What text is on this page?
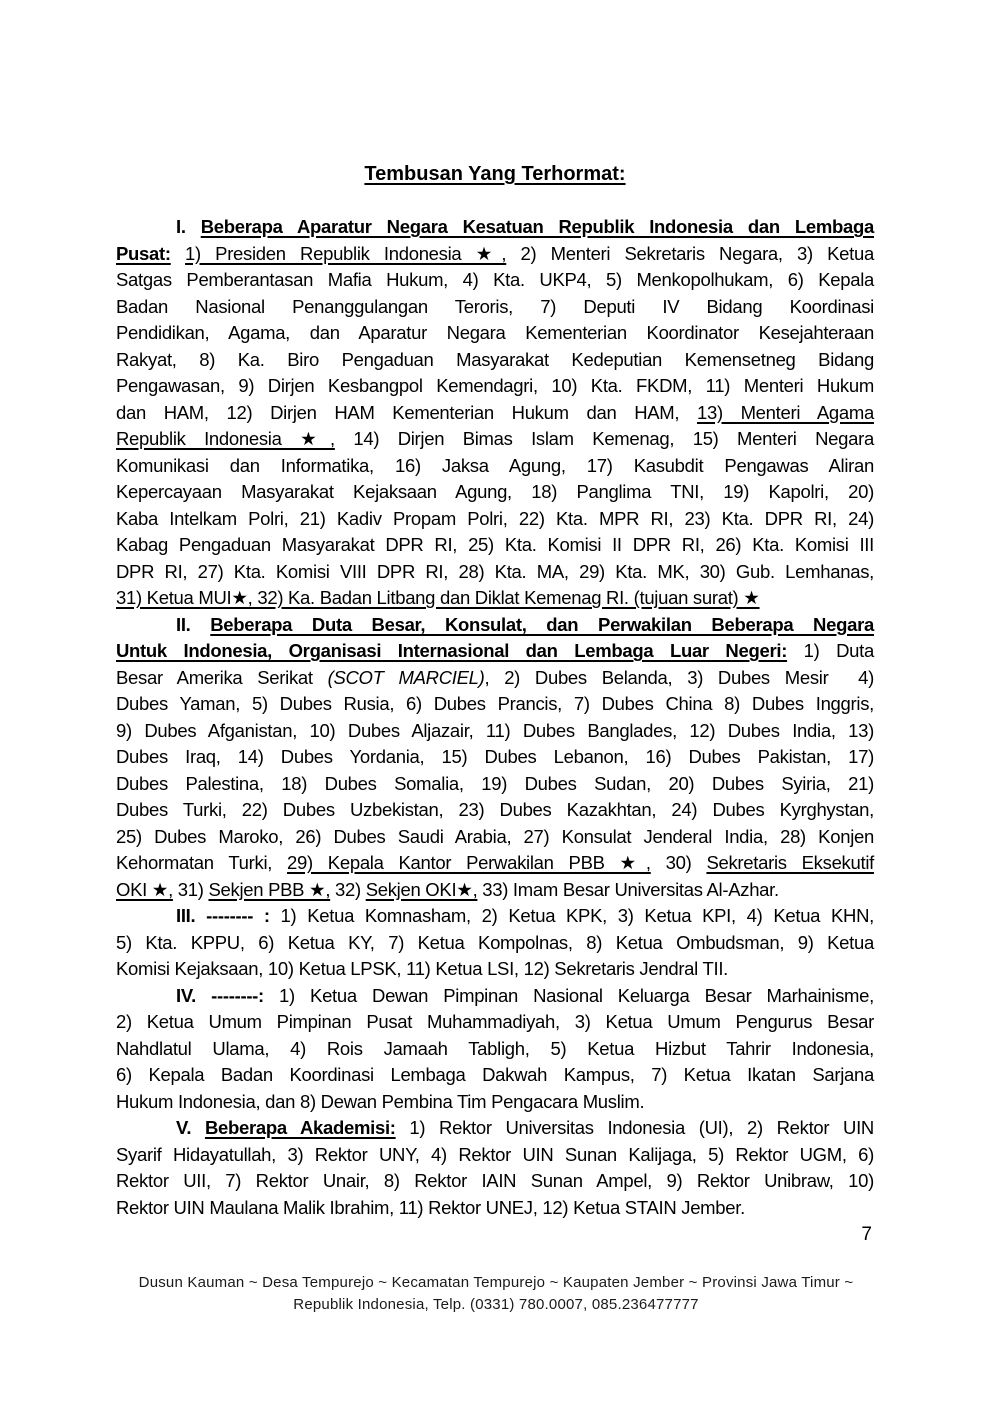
Tembusan Yang Terhormat:
I. Beberapa Aparatur Negara Kesatuan Republik Indonesia dan Lembaga
Pusat: 1) Presiden Republik Indonesia ★, 2) Menteri Sekretaris Negara, 3) Ketua
Satgas Pemberantasan Mafia Hukum, 4) Kta. UKP4, 5) Menkopolhukam, 6) Kepala
Badan Nasional Penanggulangan Teroris, 7) Deputi IV Bidang Koordinasi
Pendidikan, Agama, dan Aparatur Negara Kementerian Koordinator Kesejahteraan
Rakyat, 8) Ka. Biro Pengaduan Masyarakat Kedeputian Kemensetneg Bidang
Pengawasan, 9) Dirjen Kesbangpol Kemendagri, 10) Kta. FKDM, 11) Menteri Hukum
dan HAM, 12) Dirjen HAM Kementerian Hukum dan HAM, 13) Menteri Agama
Republik Indonesia ★, 14) Dirjen Bimas Islam Kemenag, 15) Menteri Negara
Komunikasi dan Informatika, 16) Jaksa Agung, 17) Kasubdit Pengawas Aliran
Kepercayaan Masyarakat Kejaksaan Agung, 18) Panglima TNI, 19) Kapolri, 20)
Kaba Intelkam Polri, 21) Kadiv Propam Polri, 22) Kta. MPR RI, 23) Kta. DPR RI, 24)
Kabag Pengaduan Masyarakat DPR RI, 25) Kta. Komisi II DPR RI, 26) Kta. Komisi III
DPR RI, 27) Kta. Komisi VIII DPR RI, 28) Kta. MA, 29) Kta. MK, 30) Gub. Lemhanas,
31) Ketua MUI★, 32) Ka. Badan Litbang dan Diklat Kemenag RI. (tujuan surat) ★
II. Beberapa Duta Besar, Konsulat, dan Perwakilan Beberapa Negara
Untuk Indonesia, Organisasi Internasional dan Lembaga Luar Negeri: 1) Duta
Besar Amerika Serikat (SCOT MARCIEL), 2) Dubes Belanda, 3) Dubes Mesir  4)
Dubes Yaman, 5) Dubes Rusia, 6) Dubes Prancis, 7) Dubes China 8) Dubes Inggris,
9) Dubes Afganistan, 10) Dubes Aljazair, 11) Dubes Banglades, 12) Dubes India, 13)
Dubes Iraq, 14) Dubes Yordania, 15) Dubes Lebanon, 16) Dubes Pakistan, 17)
Dubes Palestina, 18) Dubes Somalia, 19) Dubes Sudan, 20) Dubes Syiria, 21)
Dubes Turki, 22) Dubes Uzbekistan, 23) Dubes Kazakhtan, 24) Dubes Kyrghystan,
25) Dubes Maroko, 26) Dubes Saudi Arabia, 27) Konsulat Jenderal India, 28) Konjen
Kehormatan Turki, 29) Kepala Kantor Perwakilan PBB ★, 30) Sekretaris Eksekutif
OKI ★, 31) Sekjen PBB ★, 32) Sekjen OKI★, 33) Imam Besar Universitas Al-Azhar.
III. -------- : 1) Ketua Komnasham, 2) Ketua KPK, 3) Ketua KPI, 4) Ketua KHN,
5) Kta. KPPU, 6) Ketua KY, 7) Ketua Kompolnas, 8) Ketua Ombudsman, 9) Ketua
Komisi Kejaksaan, 10) Ketua LPSK, 11) Ketua LSI, 12) Sekretaris Jendral TII.
IV. --------: 1) Ketua Dewan Pimpinan Nasional Keluarga Besar Marhainisme,
2) Ketua Umum Pimpinan Pusat Muhammadiyah, 3) Ketua Umum Pengurus Besar
Nahdlatul Ulama, 4) Rois Jamaah Tabligh, 5) Ketua Hizbut Tahrir Indonesia,
6) Kepala Badan Koordinasi Lembaga Dakwah Kampus, 7) Ketua Ikatan Sarjana
Hukum Indonesia, dan 8) Dewan Pembina Tim Pengacara Muslim.
V. Beberapa Akademisi: 1) Rektor Universitas Indonesia (UI), 2) Rektor UIN
Syarif Hidayatullah, 3) Rektor UNY, 4) Rektor UIN Sunan Kalijaga, 5) Rektor UGM, 6)
Rektor UII, 7) Rektor Unair, 8) Rektor IAIN Sunan Ampel, 9) Rektor Unibraw, 10)
Rektor UIN Maulana Malik Ibrahim, 11) Rektor UNEJ, 12) Ketua STAIN Jember.
7
Dusun Kauman ~ Desa Tempurejo ~ Kecamatan Tempurejo ~ Kaupaten Jember ~ Provinsi Jawa Timur ~
Republik Indonesia, Telp. (0331) 780.0007, 085.236477777
